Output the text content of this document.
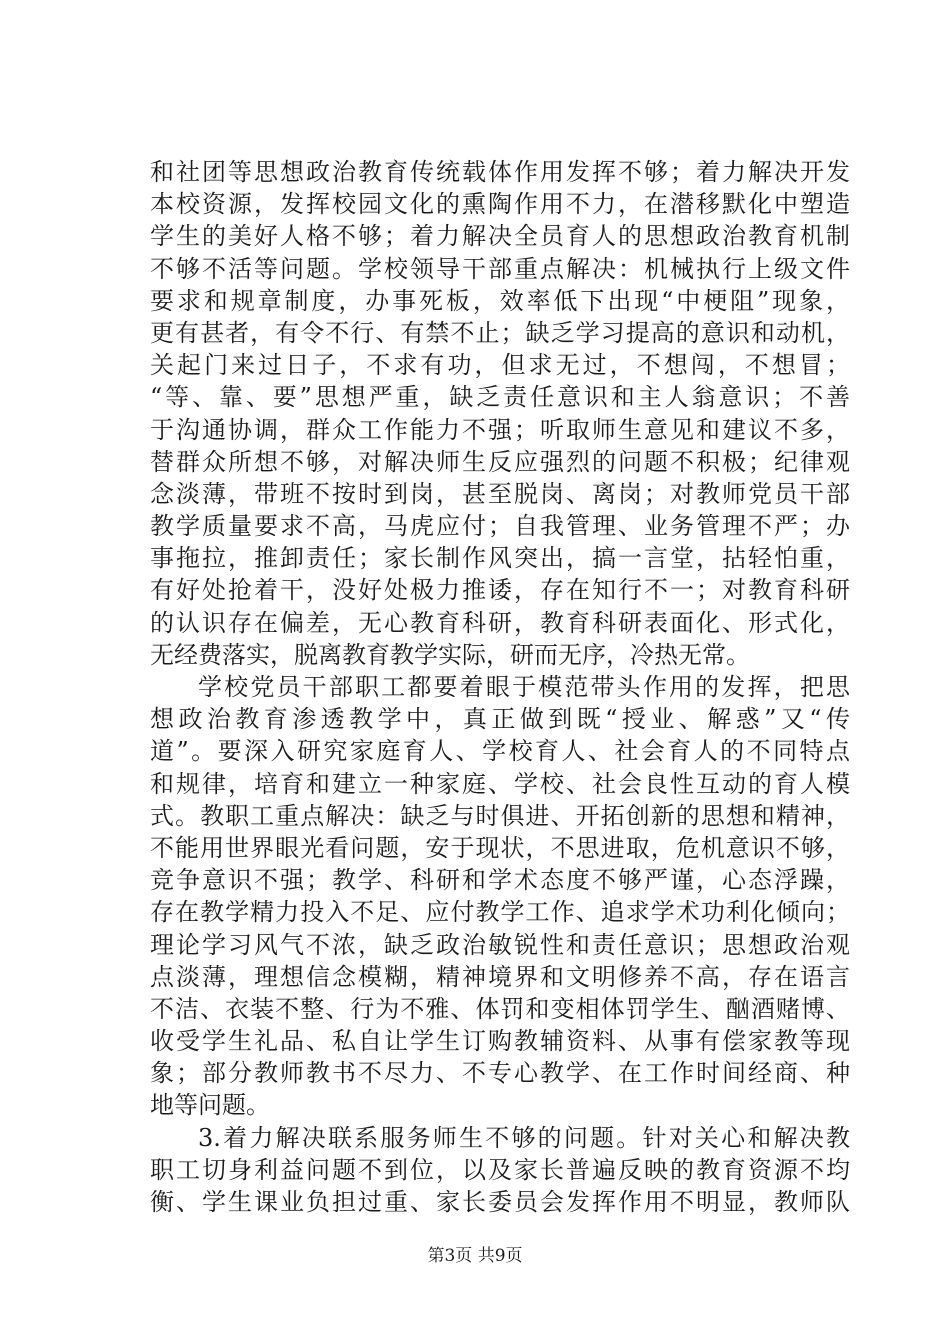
和社团等思想政治教育传统载体作用发挥不够；着力解决开发
本校资源，发挥校园文化的熏陶作用不力，在潜移默化中塑造
学生的美好人格不够；着力解决全员育人的思想政治教育机制
不够不活等问题。学校领导干部重点解决：机械执行上级文件
要求和规章制度，办事死板，效率低下出现“中梗阻”现象，
更有甚者，有令不行、有禁不止；缺乏学习提高的意识和动机，
关起门来过日子，不求有功，但求无过，不想闯，不想冒；
“等、靠、要”思想严重，缺乏责任意识和主人翁意识；不善
于沟通协调，群众工作能力不强；听取师生意见和建议不多，
替群众所想不够，对解决师生反应强烈的问题不积极；纪律观
念淡薄，带班不按时到岗，甚至脱岗、离岗；对教师党员干部
教学质量要求不高，马虎应付；自我管理、业务管理不严；办
事拖拉，推卸责任；家长制作风突出，搞一言堂，拈轻怕重，
有好处抢着干，没好处极力推诿，存在知行不一；对教育科研
的认识存在偏差，无心教育科研，教育科研表面化、形式化，
无经费落实，脱离教育教学实际，研而无序，冷热无常。
学校党员干部职工都要着眼于模范带头作用的发挥，把思
想政治教育渗透教学中，真正做到既“授业、解惑”又“传
道”。要深入研究家庭育人、学校育人、社会育人的不同特点
和规律，培育和建立一种家庭、学校、社会良性互动的育人模
式。教职工重点解决：缺乏与时俱进、开拓创新的思想和精神，
不能用世界眼光看问题，安于现状，不思进取，危机意识不够，
竞争意识不强；教学、科研和学术态度不够严谨，心态浮躁，
存在教学精力投入不足、应付教学工作、追求学术功利化倾向；
理论学习风气不浓，缺乏政治敏锐性和责任意识；思想政治观
点淡薄，理想信念模糊，精神境界和文明修养不高，存在语言
不洁、衣装不整、行为不雅、体罚和变相体罚学生、酗酒赌博、
收受学生礼品、私自让学生订购教辅资料、从事有偿家教等现
象；部分教师教书不尽力、不专心教学、在工作时间经商、种
地等问题。
3.着力解决联系服务师生不够的问题。针对关心和解决教
职工切身利益问题不到位，以及家长普遍反映的教育资源不均
衡、学生课业负担过重、家长委员会发挥作用不明显，教师队
第3页 共9页
